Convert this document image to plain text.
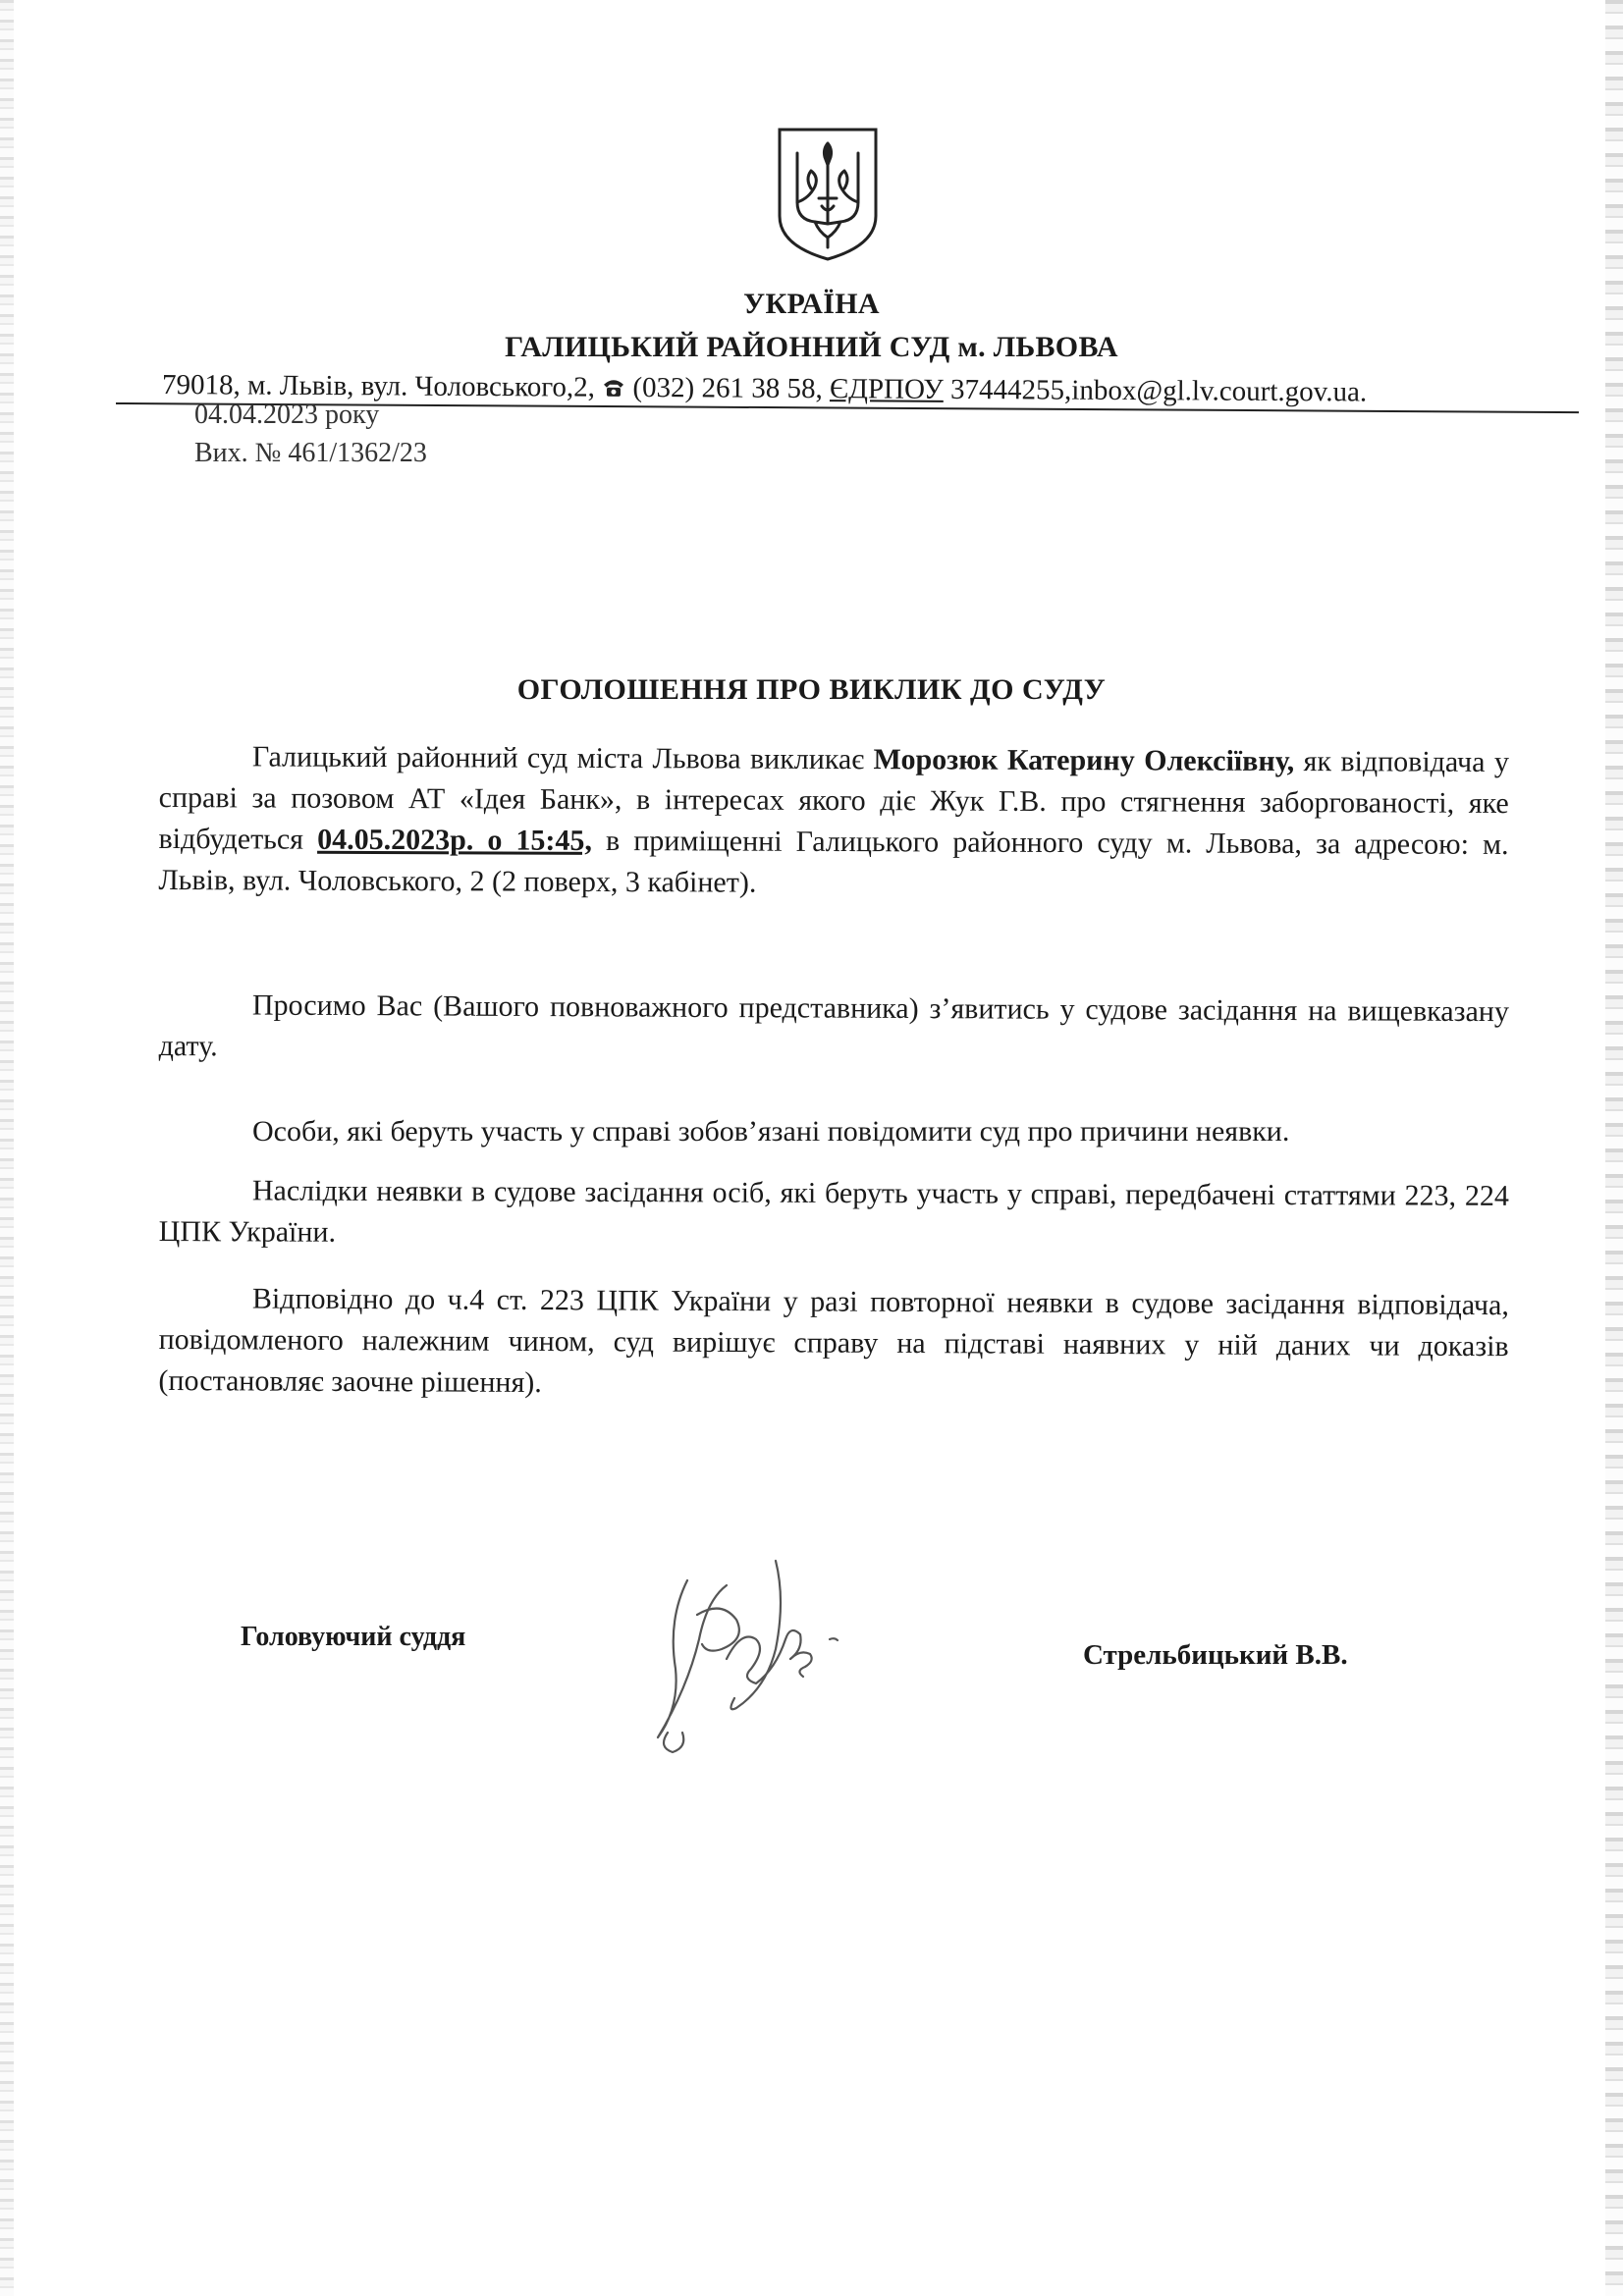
УКРАЇНА
ГАЛИЦЬКИЙ РАЙОННИЙ СУД м. ЛЬВОВА
79018, м. Львів, вул. Чоловського,2, (032) 261 38 58, ЄДРПОУ 37444255,inbox@gl.lv.court.gov.ua.
04.04.2023 року
Вих. № 461/1362/23
ОГОЛОШЕННЯ ПРО ВИКЛИК ДО СУДУ
Галицький районний суд міста Львова викликає Морозюк Катерину Олексіївну, як відповідача у справі за позовом АТ «Ідея Банк», в інтересах якого діє Жук Г.В. про стягнення заборгованості, яке відбудеться 04.05.2023р. о 15:45, в приміщенні Галицького районного суду м. Львова, за адресою: м. Львів, вул. Чоловського, 2 (2 поверх, 3 кабінет).
Просимо Вас (Вашого повноважного представника) з’явитись у судове засідання на вищевказану дату.
Особи, які беруть участь у справі зобов’язані повідомити суд про причини неявки.
Наслідки неявки в судове засідання осіб, які беруть участь у справі, передбачені статтями 223, 224 ЦПК України.
Відповідно до ч.4 ст. 223 ЦПК України у разі повторної неявки в судове засідання відповідача, повідомленого належним чином, суд вирішує справу на підставі наявних у ній даних чи доказів (постановляє заочне рішення).
Головуючий суддя
Стрельбицький В.В.
